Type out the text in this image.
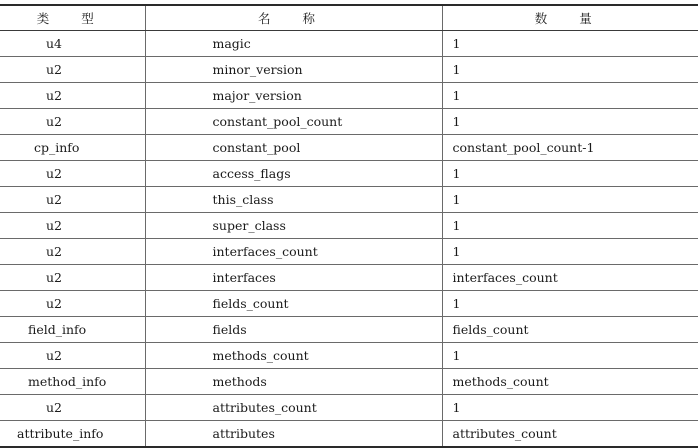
类 型	名 称	数 量
u4	magic	1
u2	minor_version	1
u2	major_version	1
u2	constant_pool_count	1
cp_info	constant_pool	constant_pool_count-1
u2	access_flags	1
u2	this_class	1
u2	super_class	1
u2	interfaces_count	1
u2	interfaces	interfaces_count
u2	fields_count	1
field_info	fields	fields_count
u2	methods_count	1
method_info	methods	methods_count
u2	attributes_count	1
attribute_info	attributes	attributes_count
